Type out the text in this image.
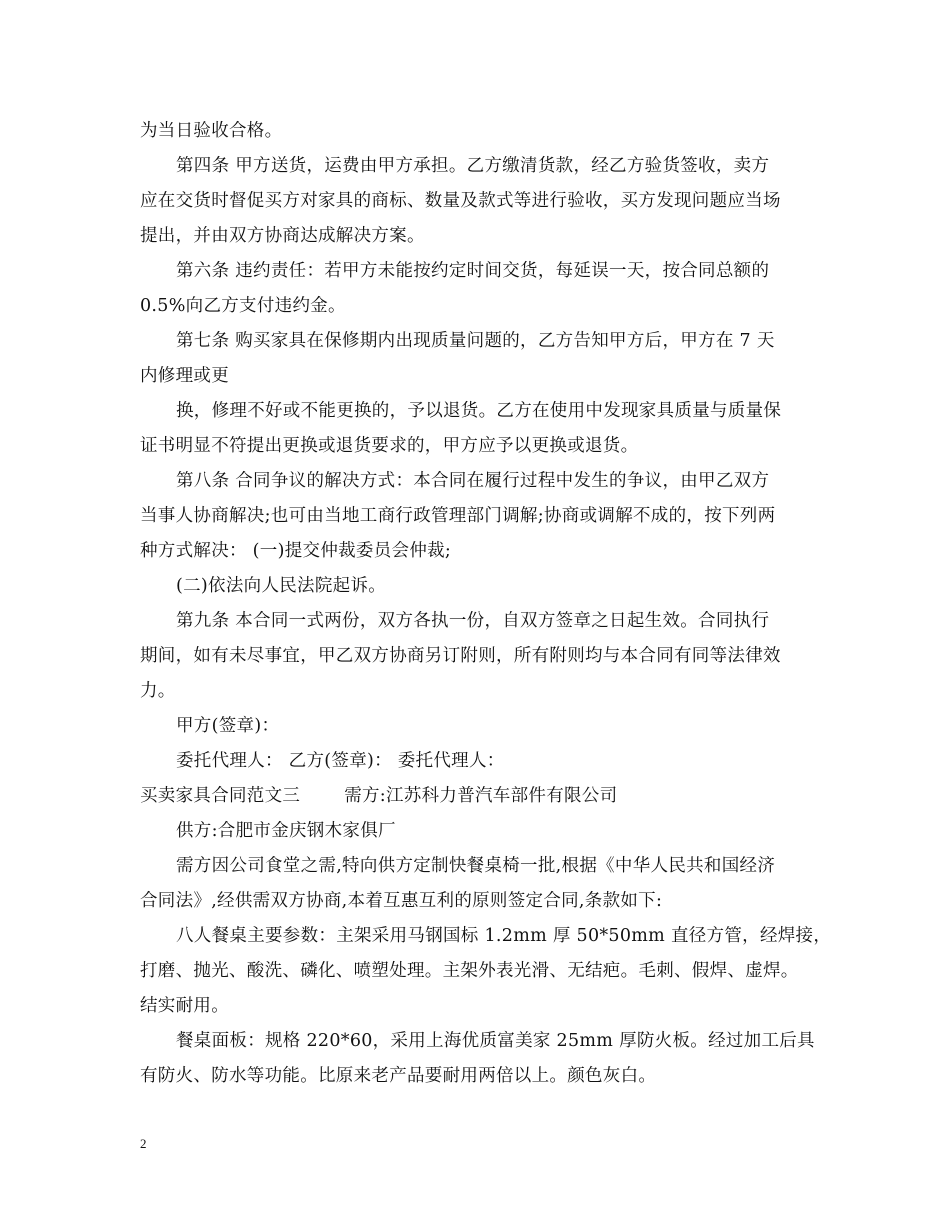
为当日验收合格。
第四条 甲方送货，运费由甲方承担。乙方缴清货款，经乙方验货签收，卖方
应在交货时督促买方对家具的商标、数量及款式等进行验收，买方发现问题应当场
提出，并由双方协商达成解决方案。
第六条 违约责任：若甲方未能按约定时间交货，每延误一天，按合同总额的
0.5%向乙方支付违约金。
第七条 购买家具在保修期内出现质量问题的，乙方告知甲方后，甲方在 7 天
内修理或更
换，修理不好或不能更换的，予以退货。乙方在使用中发现家具质量与质量保
证书明显不符提出更换或退货要求的，甲方应予以更换或退货。
第八条 合同争议的解决方式：本合同在履行过程中发生的争议，由甲乙双方
当事人协商解决;也可由当地工商行政管理部门调解;协商或调解不成的，按下列两
种方式解决： (一)提交仲裁委员会仲裁;
(二)依法向人民法院起诉。
第九条 本合同一式两份，双方各执一份，自双方签章之日起生效。合同执行
期间，如有未尽事宜，甲乙双方协商另订附则，所有附则均与本合同有同等法律效
力。
甲方(签章)：
委托代理人： 乙方(签章)： 委托代理人：
买卖家具合同范文三	需方:江苏科力普汽车部件有限公司
供方:合肥市金庆钢木家俱厂
需方因公司食堂之需,特向供方定制快餐桌椅一批,根据《中华人民共和国经济
合同法》,经供需双方协商,本着互惠互利的原则签定合同,条款如下:
八人餐桌主要参数：主架采用马钢国标 1.2mm 厚 50*50mm 直径方管，经焊接，
打磨、抛光、酸洗、磷化、喷塑处理。主架外表光滑、无结疤。毛刺、假焊、虚焊。
结实耐用。
餐桌面板：规格 220*60，采用上海优质富美家 25mm 厚防火板。经过加工后具
有防火、防水等功能。比原来老产品要耐用两倍以上。颜色灰白。
2
